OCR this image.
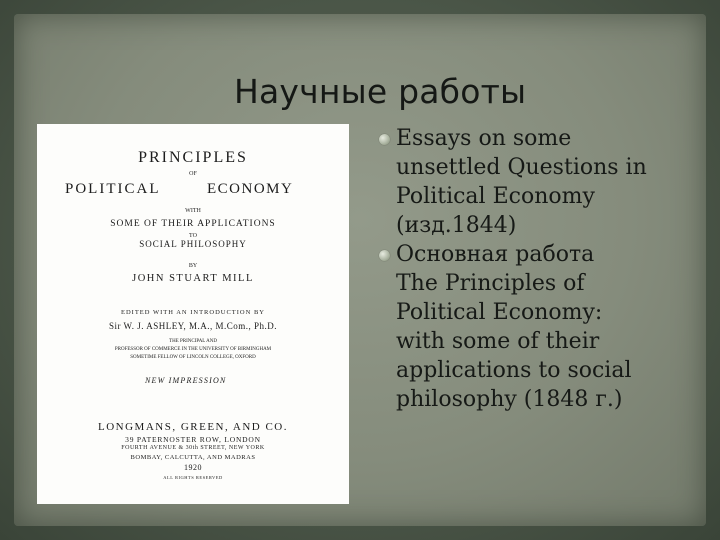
Научные работы
PRINCIPLES
OF
POLITICAL	ECONOMY
WITH
SOME OF THEIR APPLICATIONS
TO
SOCIAL PHILOSOPHY
BY
JOHN STUART MILL
EDITED WITH AN INTRODUCTION BY
Sir W. J. ASHLEY, M.A., M.Com., Ph.D.
THE PRINCIPAL AND
PROFESSOR OF COMMERCE IN THE UNIVERSITY OF BIRMINGHAM
SOMETIME FELLOW OF LINCOLN COLLEGE, OXFORD
NEW IMPRESSION
LONGMANS, GREEN, AND CO.
39 PATERNOSTER ROW, LONDON
FOURTH AVENUE & 30th STREET, NEW YORK
BOMBAY, CALCUTTA, AND MADRAS
1920
ALL RIGHTS RESERVED
Essays on some
unsettled Questions in
Political Economy
(изд.1844)
Основная работа
The Principles of
Political Economy:
with some of their
applications to social
philosophy (1848 г.)
